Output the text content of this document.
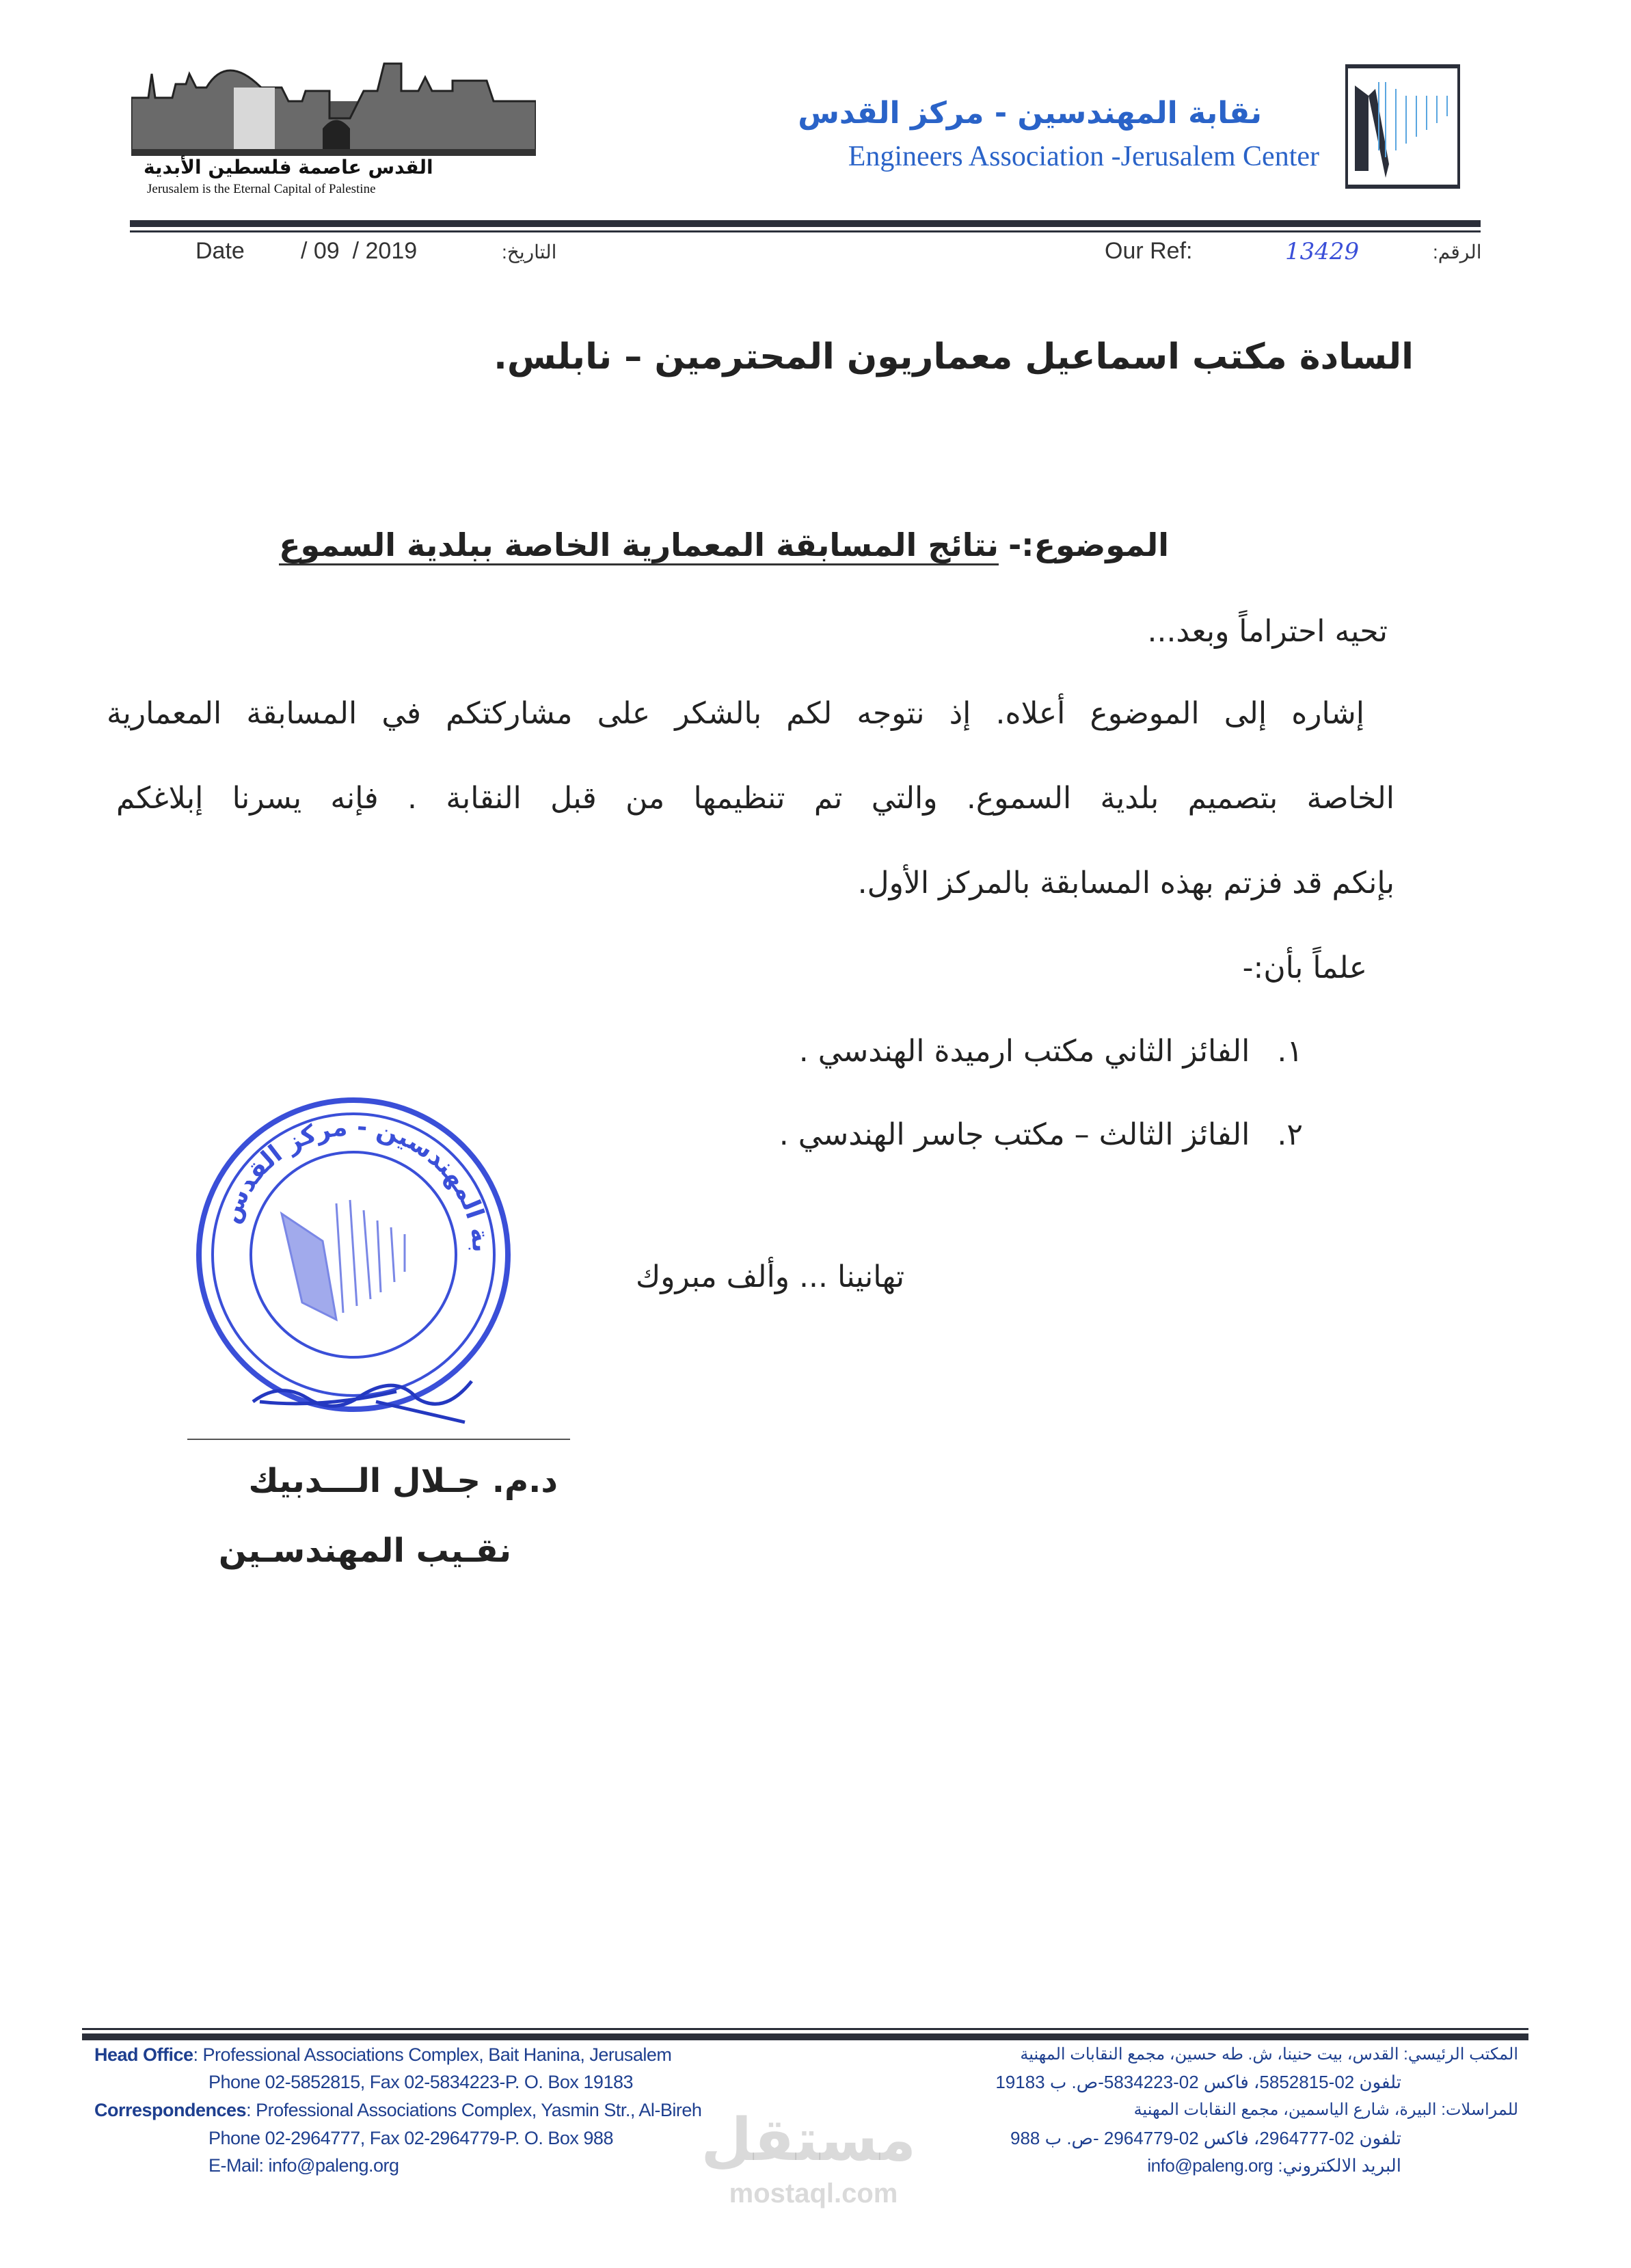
القدس عاصمة فلسطين الأبدية
Jerusalem is the Eternal Capital of Palestine
نقابة المهندسين - مركز القدس
Engineers Association -Jerusalem Center
Date / 09  / 2019	التاريخ:	Our Ref:	13429	الرقم:
السادة مكتب اسماعيل معماريون المحترمين – نابلس.
الموضوع:-
نتائج المسابقة المعمارية الخاصة ببلدية السموع
تحيه احتراماً وبعد...
إشاره إلى الموضوع أعلاه. إذ نتوجه لكم بالشكر على مشاركتكم في المسابقة المعمارية
الخاصة بتصميم بلدية السموع. والتي تم تنظيمها من قبل النقابة . فإنه يسرنا إبلاغكم
بإنكم قد فزتم بهذه المسابقة بالمركز الأول.
علماً بأن:-
١.
الفائز الثاني مكتب ارميدة الهندسي .
٢.
الفائز الثالث – مكتب جاسر الهندسي .
تهانينا ... وألف مبروك
بة المهندسين - مركز القدس
د.م. جـلال الـــدبيك
نقـيب المهندسـين
Head Office: Professional Associations Complex, Bait Hanina, Jerusalem
Phone 02-5852815, Fax 02-5834223-P. O. Box 19183
Correspondences: Professional Associations Complex, Yasmin Str., Al-Bireh
Phone 02-2964777, Fax 02-2964779-P. O. Box 988
E-Mail: info@paleng.org
المكتب الرئيسي: القدس، بيت حنينا، ش. طه حسين، مجمع النقابات المهنية
تلفون 02-5852815، فاكس 02-5834223-ص. ب 19183
للمراسلات: البيرة، شارع الياسمين، مجمع النقابات المهنية
تلفون 02-2964777، فاكس 02-2964779 -ص. ب 988
البريد الالكتروني: info@paleng.org
مستقل
mostaql.com
